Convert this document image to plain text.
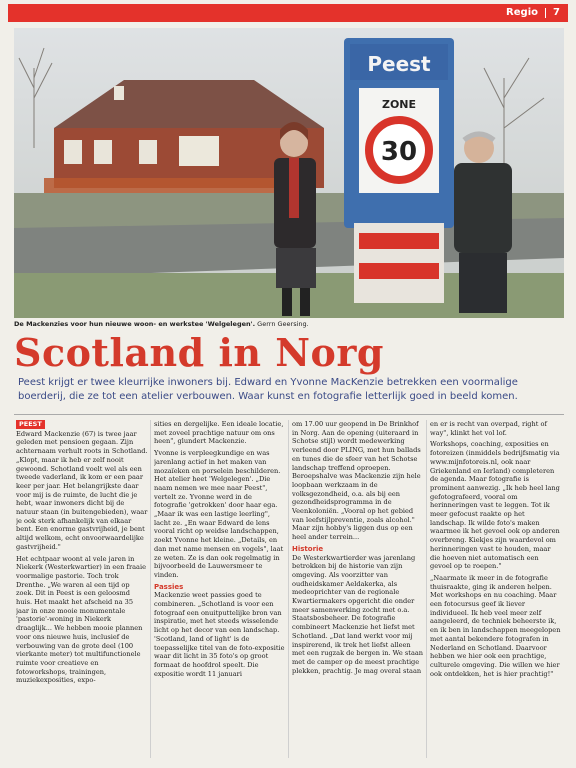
Regio 7
Peest
ZONE
30
De Mackenzies voor hun nieuwe woon- en werkstee 'Welgelegen'. Gerrn Geersing.
Scotland in Norg
Peest krijgt er twee kleurrijke inwoners bij. Edward en Yvonne MacKenzie betrekken een voormalige boerderij, die ze tot een atelier verbouwen. Waar kunst en fotografie letterlijk goed in beeld komen.
PEEST

Edward Mackenzie (67) is twee jaar geleden met pensioen gegaan. Zijn achternaam verhult roots in Schotland. „Klopt, maar ik heb er zelf nooit gewoond. Schotland voelt wel als een tweede vaderland, ik kom er een paar keer per jaar. Het belangrijkste daar voor mij is de ruimte, de lucht die je hebt, waar inwoners dicht bij de natuur staan (in buitengebieden), waar je ook sterk afhankelijk van elkaar bent. Een enorme gastvrijheid, je bent altijd welkom, echt onvoorwaardelijke gastvrijheid."

Het echtpaar woont al vele jaren in Niekerk (Westerkwartier) in een fraaie voormalige pastorie. Toch trok Drenthe. „We waren al een tijd op zoek. Dit in Peest is een geloosmd huis. Het maakt het afscheid na 35 jaar in onze mooie monumentale 'pastorie'-woning in Niekerk draaglijk... We hebben mooie plannen voor ons nieuwe huis, inclusief de verbouwing van de grote deel (100 vierkante meter) tot multifunctionele ruimte voor creatieve en fotoworkshops, trainingen, muziekexposities, expo-

sities en dergelijke. Een ideale locatie, met zoveel prachtige natuur om ons heen", glundert Mackenzie.

Yvonne is verpleegkundige en was jarenlang actief in het maken van mozaïeken en porselein beschilderen. Het atelier heet 'Welgelegen'. „Die naam nemen we mee naar Peest", vertelt ze. Yvonne werd in de fotografie 'getrokken' door haar ega. „Maar ik was een lastige leerling", lacht ze. „En waar Edward de lens vooral richt op weidse landschappen, zoekt Yvonne het kleine. „Details, en dan met name mensen en vogels", laat ze weten. Ze is dan ook regelmatig in bijvoorbeeld de Lauwersmeer te vinden.

Passies

Mackenzie weet passies goed te combineren. „Schotland is voor een fotograaf een onuitputtelijke bron van inspiratie, met het steeds wisselende licht op het decor van een landschap. 'Scotland, land of light' is de toepasselijke titel van de foto-expositie waar dit licht in 35 foto's op groot formaat de hoofdrol speelt. Die expositie wordt 11 januari

om 17.00 uur geopend in De Brinkhof in Norg. Aan de opening (uiteraard in Schotse stijl) wordt medewerking verleend door PLING, met hun ballads en tunes die de sfeer van het Schotse landschap treffend oproepen. Beroepshalve was Mackenzie zijn hele loopbaan werkzaam in de volksgezondheid, o.a. als bij een gezondheidsprogramma in de Veenkoloniën. „Vooral op het gebied van leefstijlpreventie, zoals alcohol." Maar zijn hobby's liggen dus op een heel ander terrein...

Historie

De Westerkwartierder was jarenlang betrokken bij de historie van zijn omgeving. Als voorzitter van oudheidskamer Aeldakerka, als medeoprichter van de regionale Kwartiermakers opgericht die onder meer samenwerking zocht met o.a. Staatsbosbeheer. De fotografie combineert Mackenzie het liefst met Schotland. „Dat land werkt voor mij inspirerend, ik trek het liefst alleen met een rugzak de bergen in. We staan met de camper op de meest prachtige plekken, prachtig. Je mag overal staan

en er is recht van overpad, right of way", klinkt het vol lof.

Workshops, coaching, exposities en fotoreizen (inmiddels bedrijfsmatig via www.mijnfotoreis.nl, ook naar Griekenland en Ierland) completeren de agenda. Maar fotografie is prominent aanwezig. „Ik heb heel lang gefotografeerd, vooral om herinneringen vast te leggen. Tot ik meer gefocust raakte op het landschap. Ik wilde foto's maken waarmee ik het gevoel ook op anderen overbreng. Kiekjes zijn waardevol om herinneringen vast te houden, maar die hoeven niet automatisch een gevoel op te roepen."

„Naarmate ik meer in de fotografie thuisraakte, ging ik anderen helpen. Met workshops en nu coaching. Maar een fotocursus geef ik liever individueel. Ik heb veel meer zelf aangeleerd, de techniek beheerste ik, en ik ben in landschappen meegelopen met aantal bekendere fotografen in Nederland en Schotland. Daarvoor hebben we hier ook een prachtige, culturele omgeving. Die willen we hier ook ontdekken, het is hier prachtig!"
